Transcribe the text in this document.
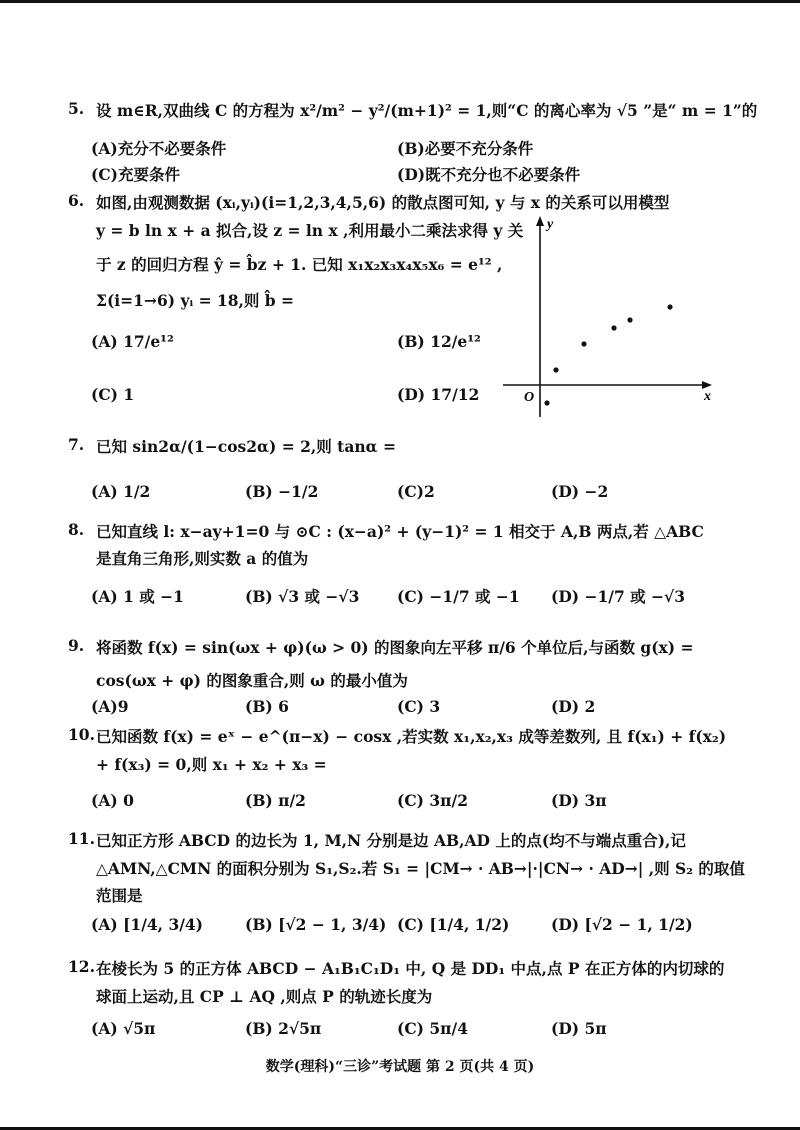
5. 设 m∈R,双曲线 C 的方程为 x²/m² − y²/(m+1)² = 1,则“C 的离心率为 √5 ”是“ m = 1”的
(A)充分不必要条件	(B)必要不充分条件
(C)充要条件	(D)既不充分也不必要条件
6. 如图,由观测数据 (xᵢ,yᵢ)(i=1,2,3,4,5,6) 的散点图可知, y 与 x 的关系可以用模型
y = b ln x + a 拟合,设 z = ln x ,利用最小二乘法求得 y 关
于 z 的回归方程 ŷ = b̂z + 1. 已知 x₁x₂x₃x₄x₅x₆ = e¹² ,
Σ(i=1→6) yᵢ = 18,则 b̂ =
(A) 17/e¹²	(B) 12/e¹²
(C) 1	(D) 17/12
y
x
O
7. 已知 sin2α/(1−cos2α) = 2,则 tanα =
(A) 1/2	(B) −1/2	(C)2	(D) −2
8. 已知直线 l: x−ay+1=0 与 ⊙C : (x−a)² + (y−1)² = 1 相交于 A,B 两点,若 △ABC
是直角三角形,则实数 a 的值为
(A) 1 或 −1	(B) √3 或 −√3 (C) −1/7 或 −1 (D) −1/7 或 −√3
9. 将函数 f(x) = sin(ωx + φ)(ω > 0) 的图象向左平移 π/6 个单位后,与函数 g(x) =
cos(ωx + φ) 的图象重合,则 ω 的最小值为
(A)9	(B) 6	(C) 3	(D) 2
10. 已知函数 f(x) = eˣ − e^(π−x) − cosx ,若实数 x₁,x₂,x₃ 成等差数列, 且 f(x₁) + f(x₂)
+ f(x₃) = 0,则 x₁ + x₂ + x₃ =
(A) 0	(B) π/2	(C) 3π/2	(D) 3π
11. 已知正方形 ABCD 的边长为 1, M,N 分别是边 AB,AD 上的点(均不与端点重合),记
△AMN,△CMN 的面积分别为 S₁,S₂.若 S₁ = |CM→ · AB→|·|CN→ · AD→| ,则 S₂ 的取值
范围是
(A) [1/4, 3/4)	(B) [√2 − 1, 3/4) (C) [1/4, 1/2)	(D) [√2 − 1, 1/2)
12. 在棱长为 5 的正方体 ABCD − A₁B₁C₁D₁ 中, Q 是 DD₁ 中点,点 P 在正方体的内切球的
球面上运动,且 CP ⊥ AQ ,则点 P 的轨迹长度为
(A) √5π	(B) 2√5π	(C) 5π/4	(D) 5π
数学(理科)“三诊”考试题 第 2 页(共 4 页)
